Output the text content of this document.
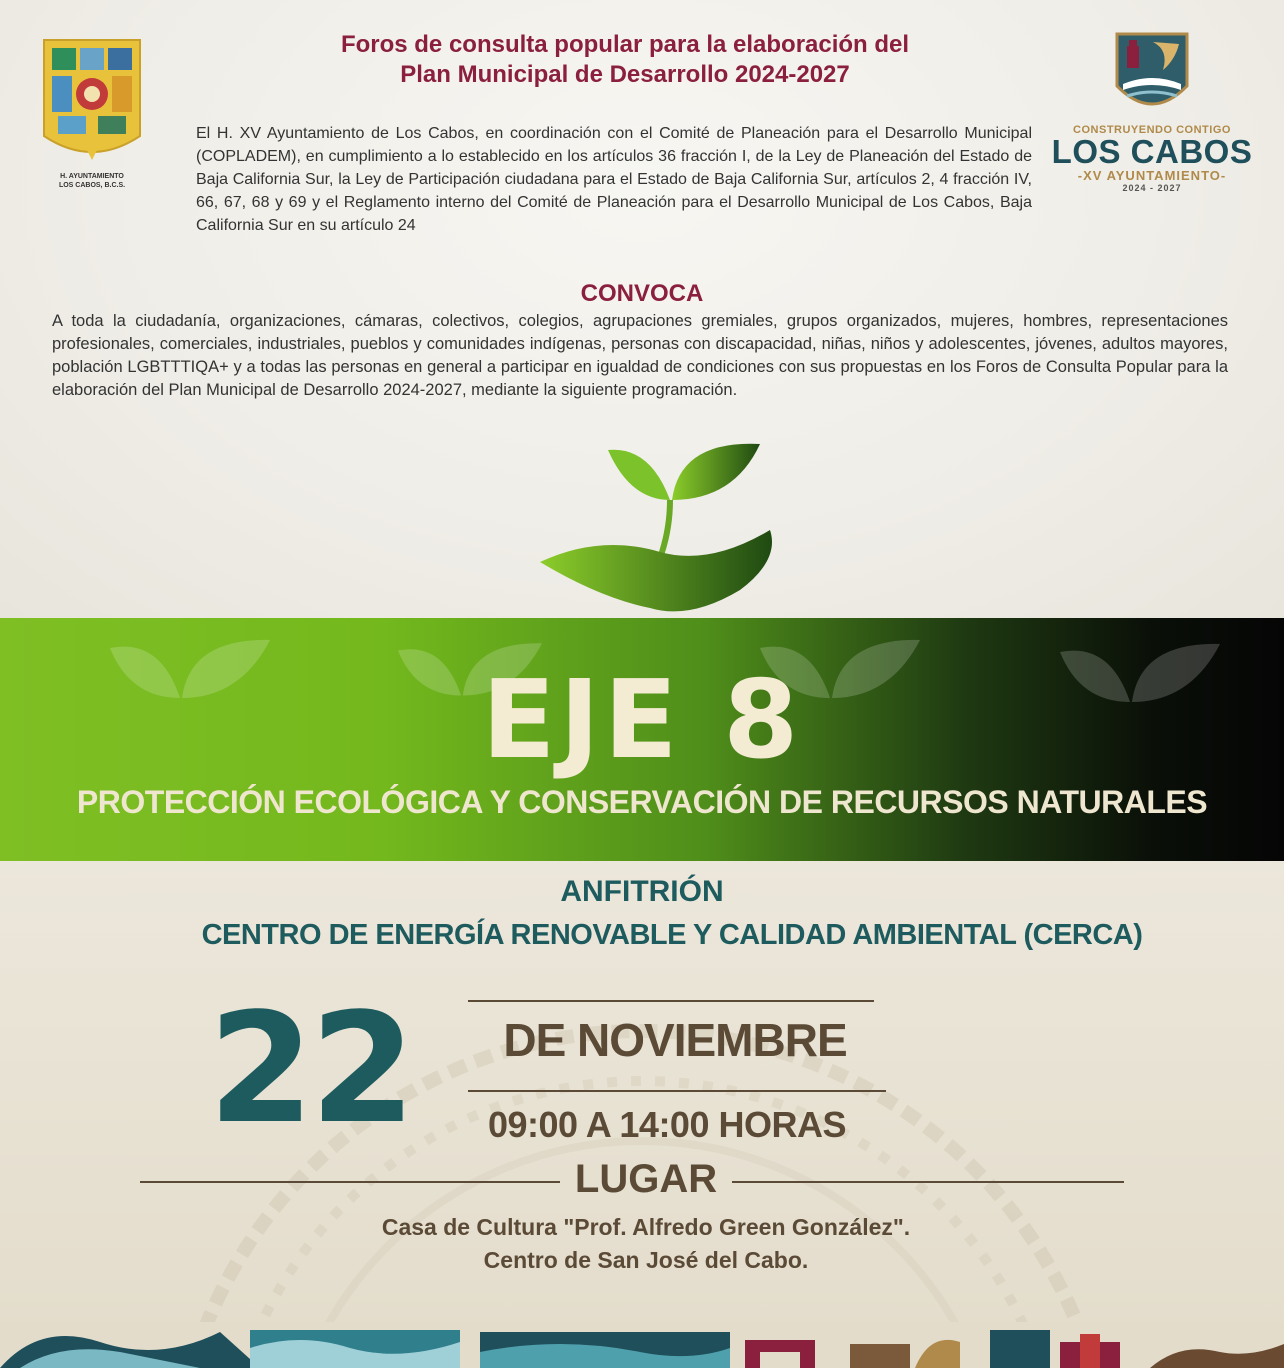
H. AYUNTAMIENTO
LOS CABOS, B.C.S.
Foros de consulta popular para la elaboración del
Plan Municipal de Desarrollo 2024-2027
El H. XV Ayuntamiento de Los Cabos, en coordinación con el Comité de Planeación para el Desarrollo Municipal (COPLADEM), en cumplimiento a lo establecido en los artículos 36 fracción I, de la Ley de Planeación del Estado de Baja California Sur, la Ley de Participación ciudadana para el Estado de Baja California Sur, artículos 2, 4 fracción IV, 66, 67, 68 y 69 y el Reglamento interno del Comité de Planeación para el Desarrollo Municipal de Los Cabos, Baja California Sur en su artículo 24
CONSTRUYENDO CONTIGO
LOS CABOS
-XV AYUNTAMIENTO-
2024 - 2027
CONVOCA
A toda la ciudadanía, organizaciones, cámaras, colectivos, colegios, agrupaciones gremiales, grupos organizados, mujeres, hombres, representaciones profesionales, comerciales, industriales, pueblos y comunidades indígenas, personas con discapacidad, niñas, niños y adolescentes, jóvenes, adultos mayores, población LGBTTTIQA+ y a todas las personas en general a participar en igualdad de condiciones con sus propuestas en los Foros de Consulta Popular para la elaboración del Plan Municipal de Desarrollo 2024-2027, mediante la siguiente programación.
EJE 8
PROTECCIÓN ECOLÓGICA Y CONSERVACIÓN DE RECURSOS NATURALES
ANFITRIÓN
CENTRO DE ENERGÍA RENOVABLE Y CALIDAD AMBIENTAL (CERCA)
22	DE NOVIEMBRE
09:00 A 14:00 HORAS
LUGAR
Casa de Cultura "Prof. Alfredo Green González".
Centro de San José del Cabo.
